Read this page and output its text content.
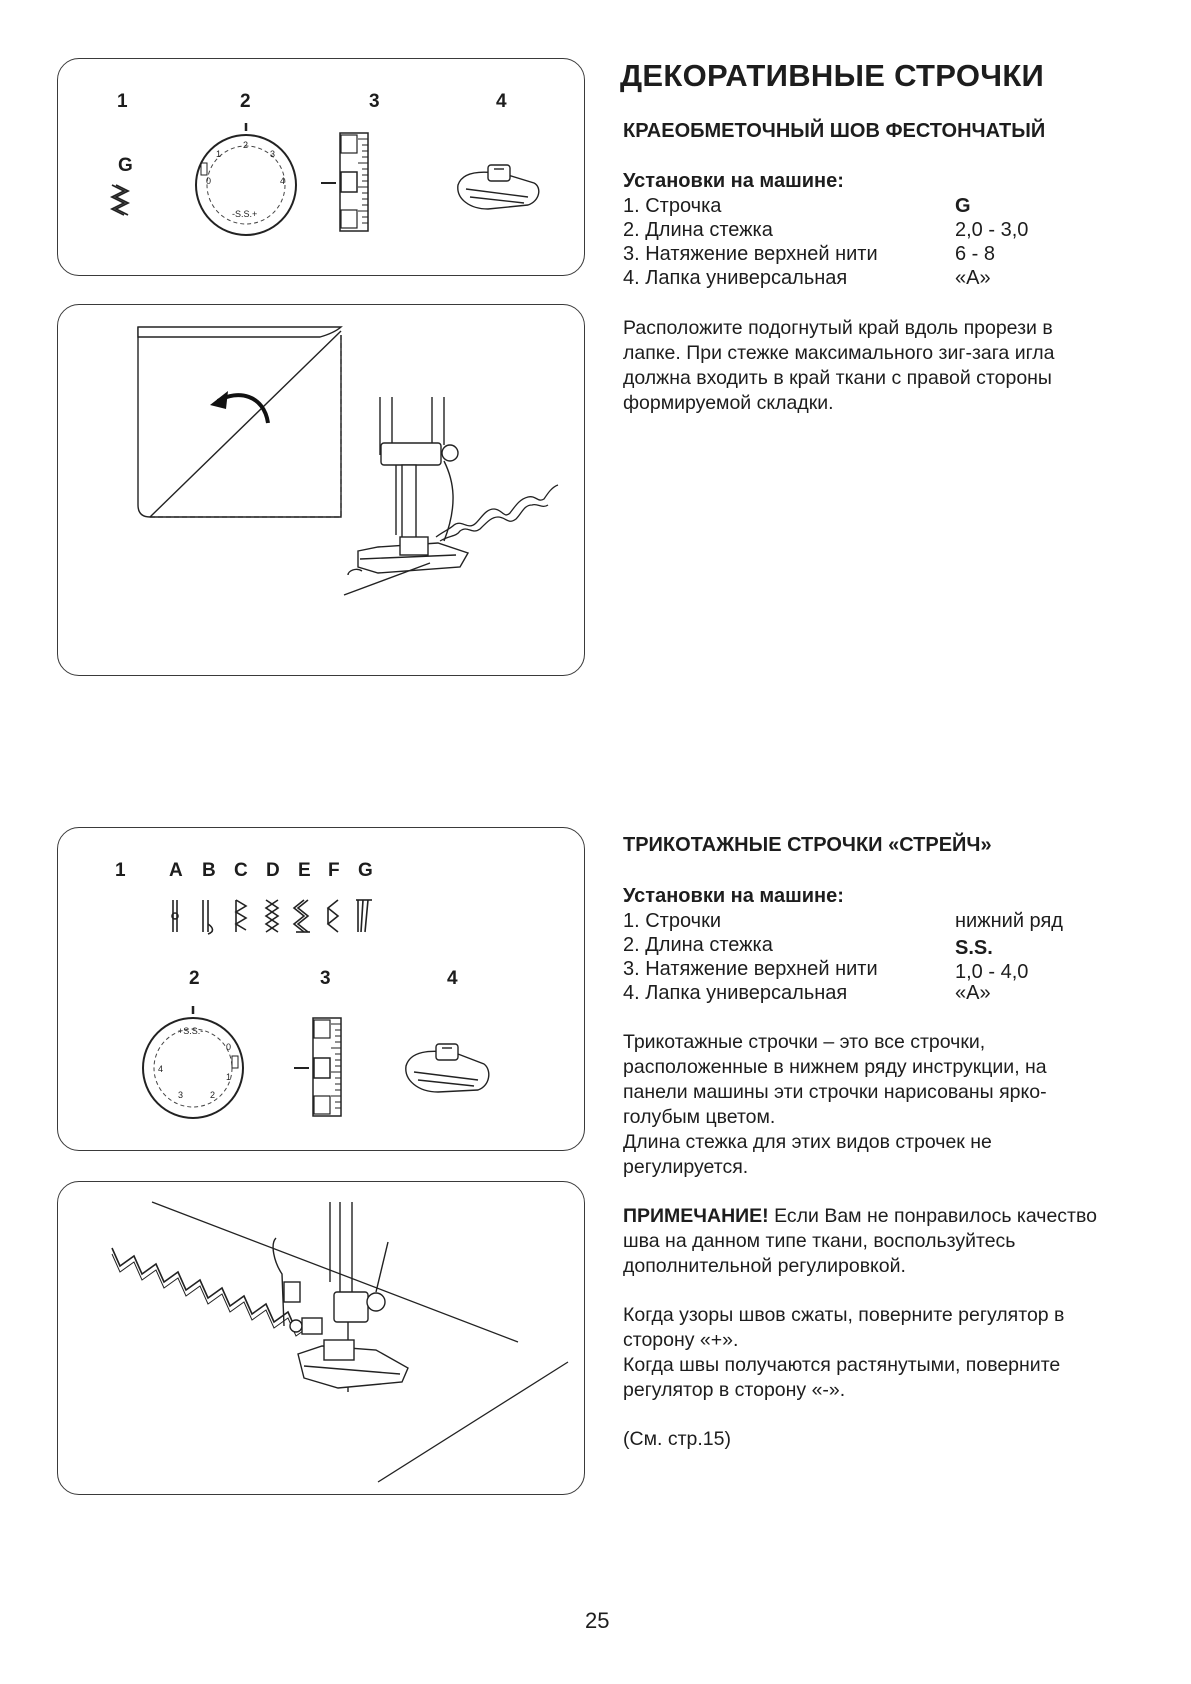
1	2	3	4
G
2
1	3
0	4
-S.S.+
1 A B C D E F G
2	3	4
+S.S.-
0
1
2
3
4
ДЕКОРАТИВНЫЕ СТРОЧКИ
КРАЕОБМЕТОЧНЫЙ ШОВ ФЕСТОНЧАТЫЙ
Установки на машине:
1. Строчка	G
2. Длина стежка	2,0 - 3,0
3. Натяжение верхней нити	6 - 8
4. Лапка универсальная	«A»
Расположите подогнутый край вдоль прорези в лапке. При стежке максимального зиг-зага игла должна входить в край ткани с правой стороны формируемой складки.
ТРИКОТАЖНЫЕ СТРОЧКИ «СТРЕЙЧ»
Установки на машине:
1. Строчки	нижний ряд
2. Длина стежка	S.S.
3. Натяжение верхней нити	1,0 - 4,0
4. Лапка универсальная	«A»

Трикотажные строчки – это все строчки, расположенные в нижнем ряду инструкции, на панели машины эти строчки нарисованы ярко-голубым цветом.

Длина стежка для этих видов строчек не регулируется.

ПРИМЕЧАНИЕ! Если Вам не понравилось качество шва на данном типе ткани, воспользуйтесь дополнительной регулировкой.

Когда узоры швов сжаты, поверните регулятор в сторону «+».

Когда швы получаются растянутыми, поверните регулятор в сторону «-».

(См. стр.15)
25
